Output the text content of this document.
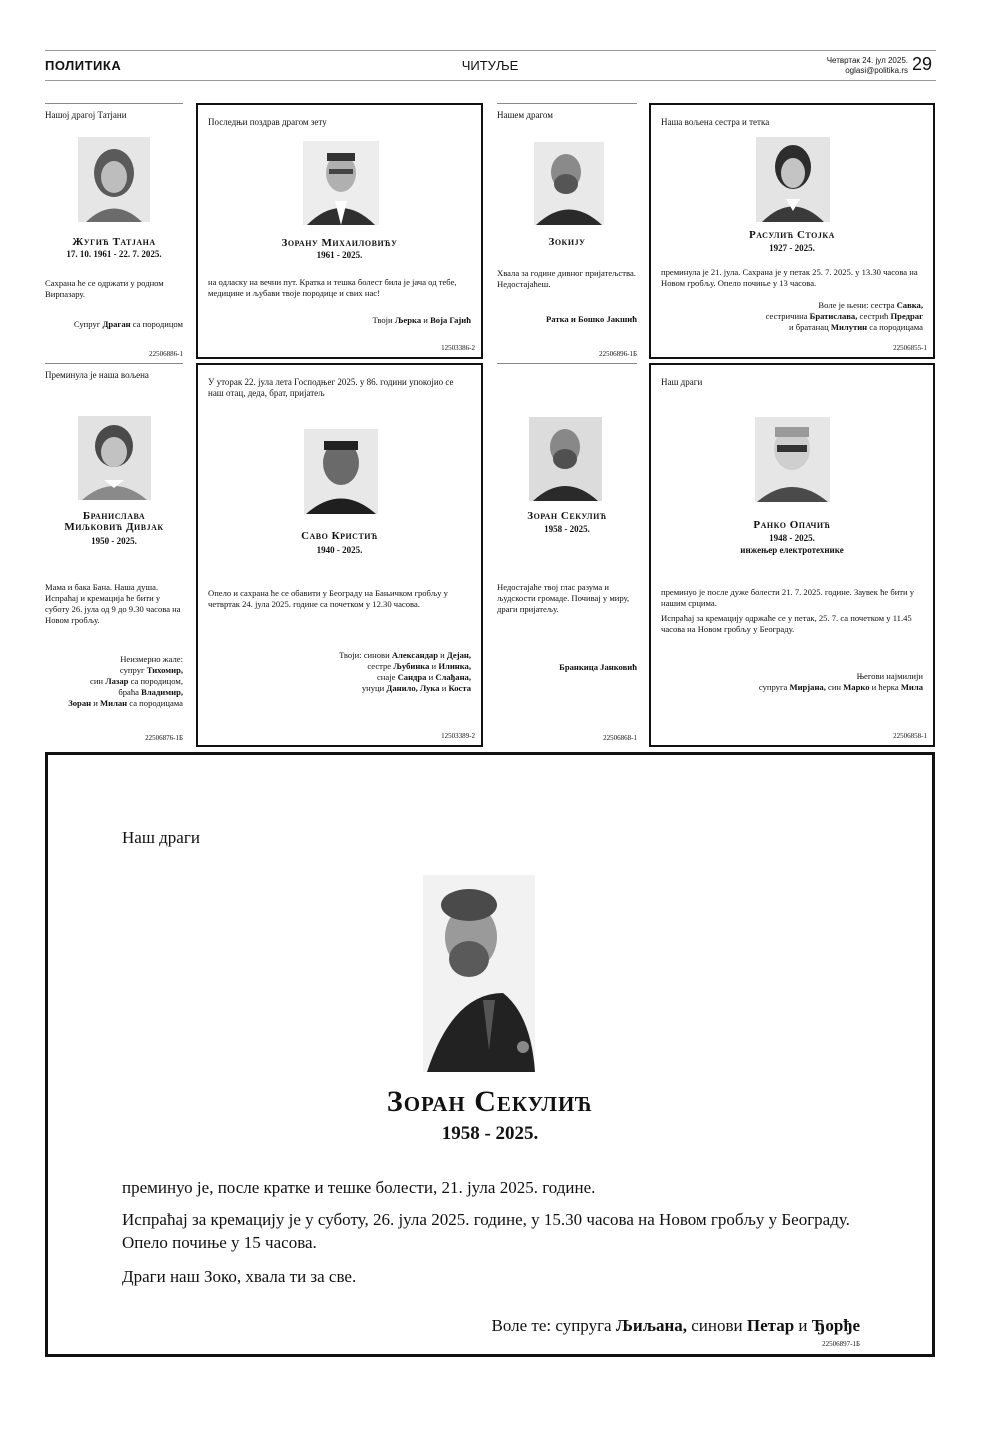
ПОЛИТИКА	ЧИТУЉЕ	Четвртак 24. јул 2025.
oglasi@politika.rs 29
Нашој драгој Татјани
Жугић Татјана
17. 10. 1961 - 22. 7. 2025.
Сахрана ће се одржати у родном Вирпазару.
Супруг Драган са породицом
22506886-1
Последњи поздрав драгом зету
Зорану Михаиловићу
1961 - 2025.
на одласку на вечни пут. Кратка и тешка болест била је јача од тебе, медицине и љубави твоје породице и свих нас!
Твоји Љерка и Воја Гајић
12503386-2
Нашем драгом
Зокију
Хвала за године дивног пријатељства. Недостајаћеш.
Ратка и Бошко Јакшић
22506896-1Б
Наша вољена сестра и тетка
Расулић Стојка
1927 - 2025.
преминула је 21. јула. Сахрана је у петак 25. 7. 2025. у 13.30 часова на Новом гробљу. Опело почиње у 13 часова.
Воле је њени: сестра Савка,
сестричина Братиславa, сестрић Предраг
и братанац Милутин са породицама
22506855-1
Преминула је наша вољена
Бранислава
Миљковић Дивјак
1950 - 2025.
Мама и бака Бана. Наша душа.
Испраћај и кремација ће бити у суботу 26. јула од 9 до 9.30 часова на Новом гробљу.
Неизмерно жале:
супруг Тихомир,
син Лазар са породицом,
браћа Владимир,
Зоран и Милан са породицама
22506876-1Б
У уторак 22. јула лета Господњег 2025. у 86. години упокојио се наш отац, деда, брат, пријатељ
Саво Кристић
1940 - 2025.
Опело и сахрана ће се обавити у Београду на Бањичком гробљу у четвртак 24. јула 2025. године са почетком у 12.30 часова.
Твоји: синови Александар и Дејан,
сестре Љубинка и Илинка,
снаје Сандра и Слађана,
унуци Данило, Лука и Коста
12503389-2
Зоран Секулић
1958 - 2025.
Недостајаће твој глас разума и људскости громаде. Почивај у миру, драги пријатељу.
Бранкица Јанковић
22506868-1
Наш драги
Ранко Опачић
1948 - 2025.
инжењер електротехнике
преминуо је после дуже болести 21. 7. 2025. године. Заувек ће бити у нашим срцима.
Испраћај за кремацију одржаће се у петак, 25. 7. са почетком у 11.45 часова на Новом гробљу у Београду.
Његови најмилији
супруга Мирјана, син Марко и ћерка Мила
22506858-1
Наш драги
Зоран Секулић
1958 - 2025.
преминуо је, после кратке и тешке болести, 21. јула 2025. године.
Испраћај за кремацију је у суботу, 26. јула 2025. године, у 15.30 часова на Новом гробљу у Београду. Опело почиње у 15 часова.
Драги наш Зоко, хвала ти за све.
Воле те: супруга Љиљана, синови Петар и Ђорђе
22506897-1Б
